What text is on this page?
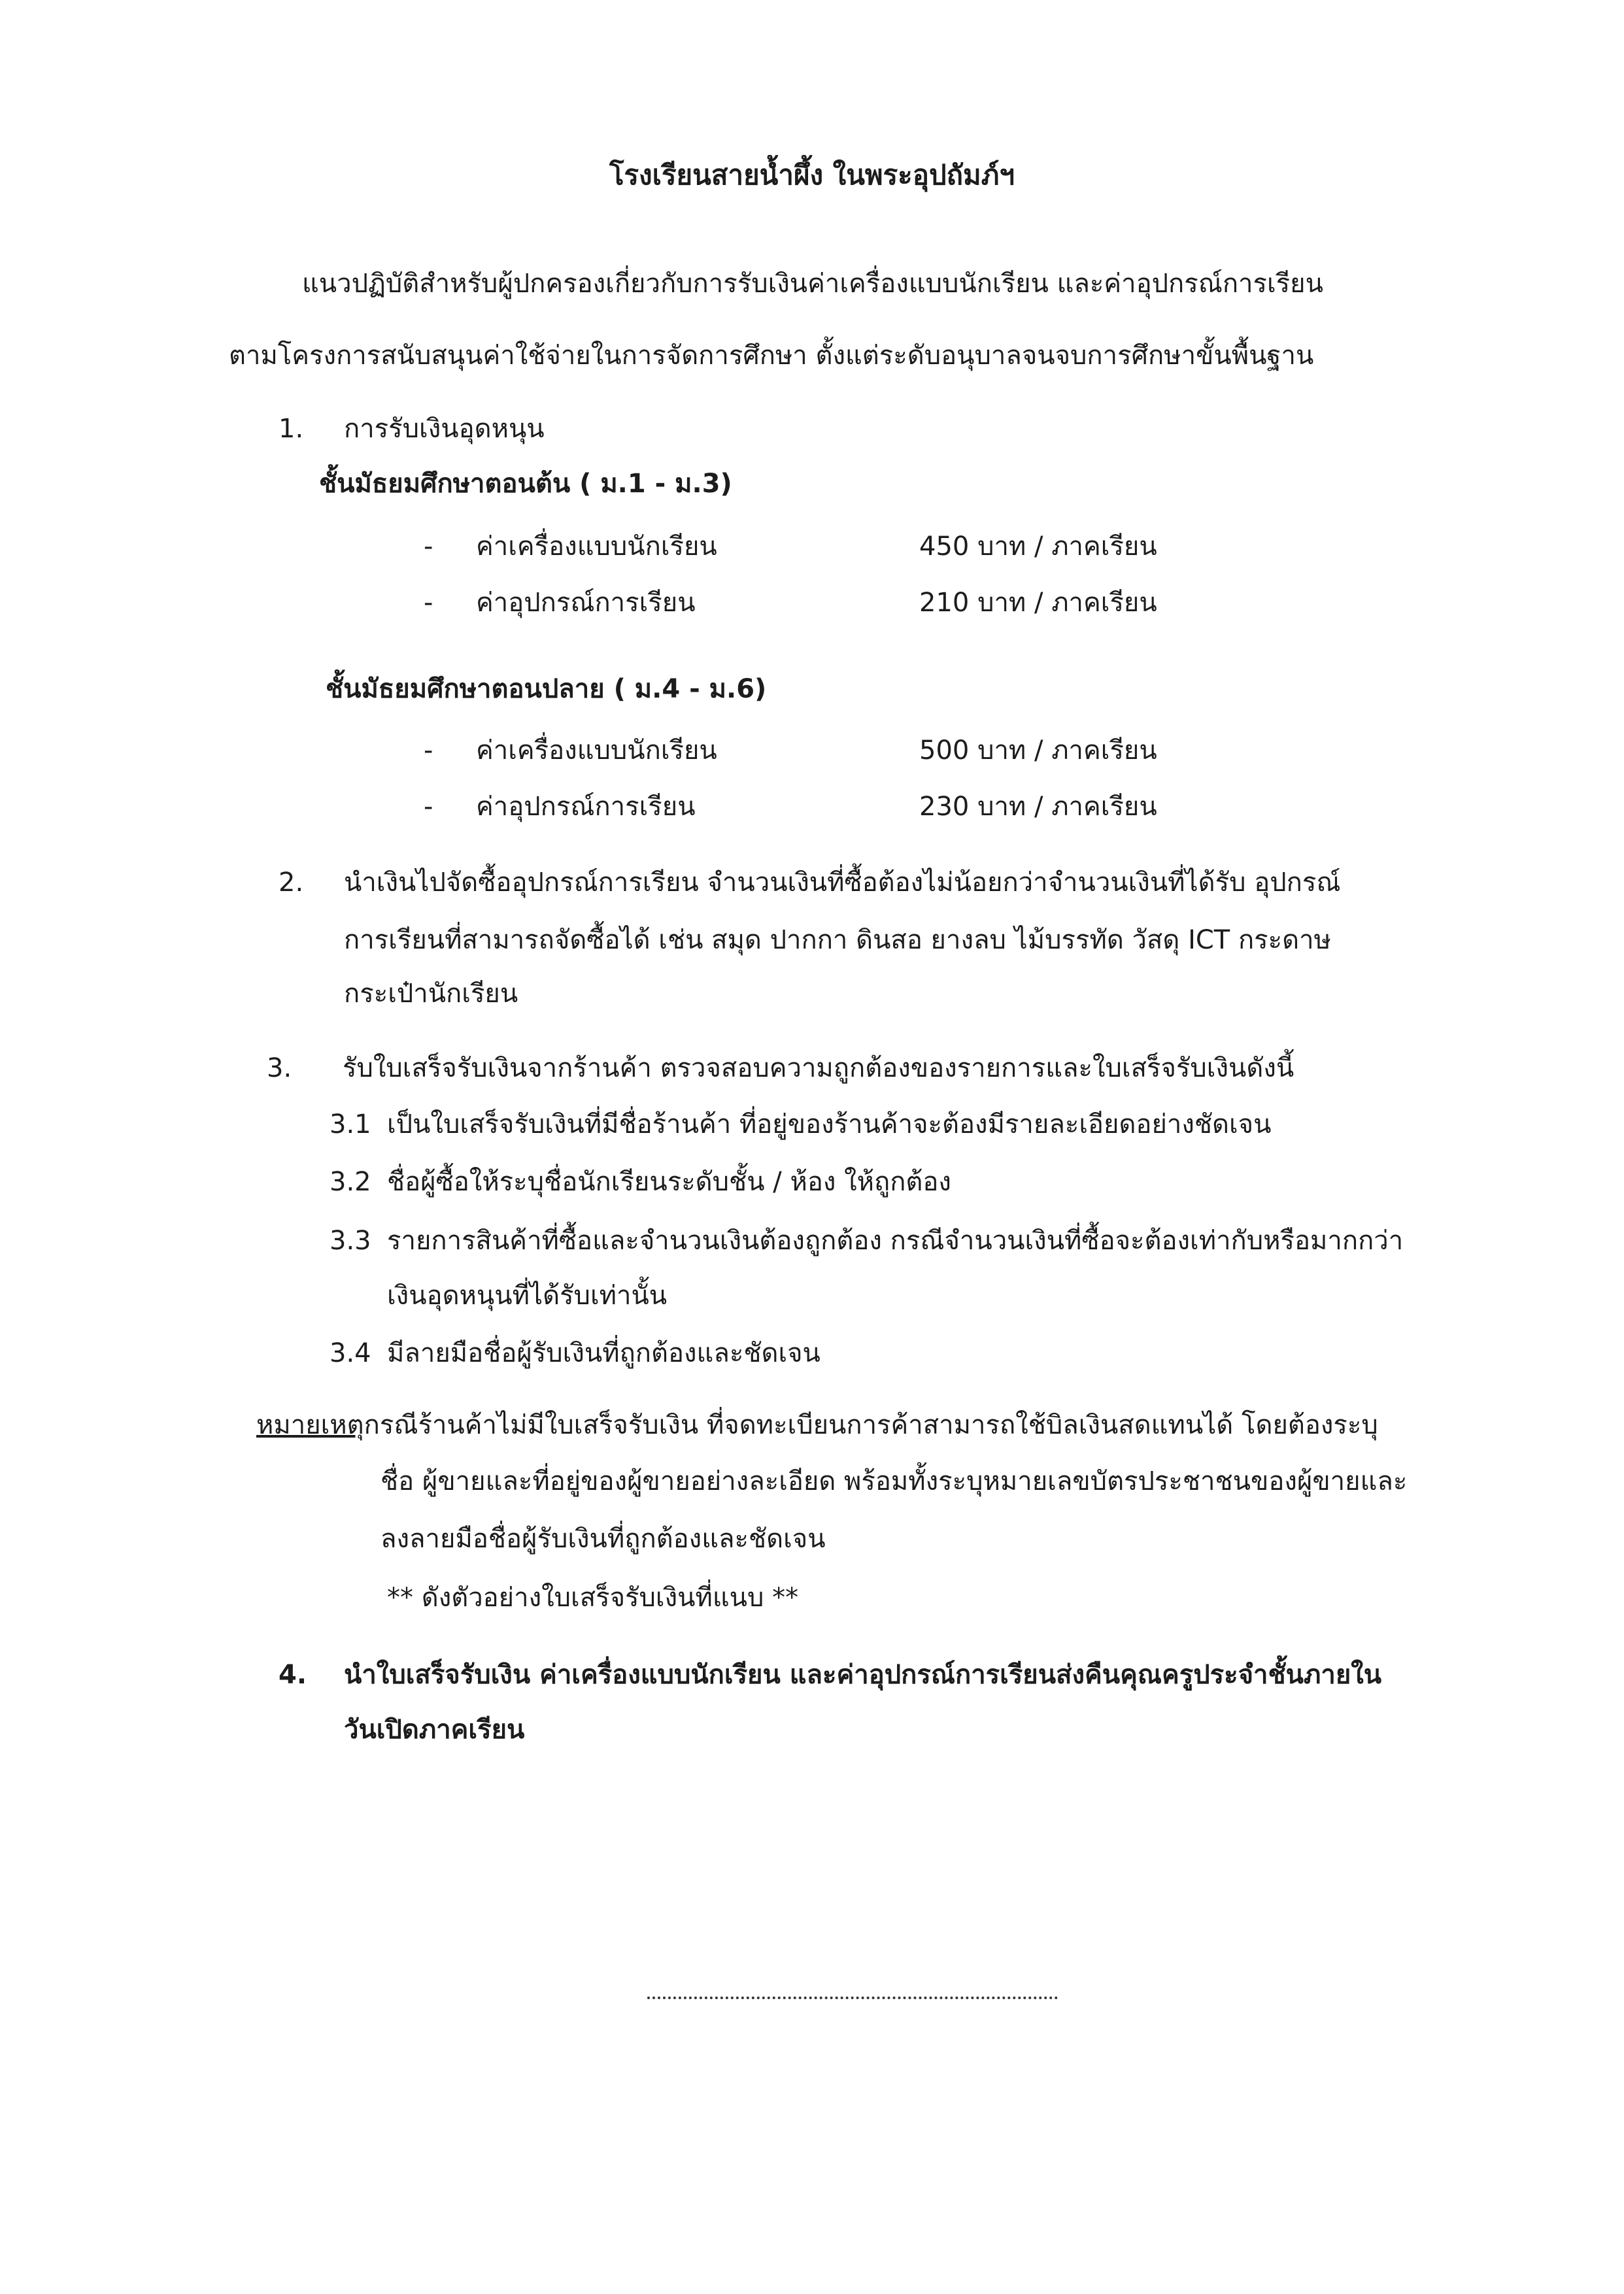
โรงเรียนสายน้ำผึ้ง ในพระอุปถัมภ์ฯ
แนวปฏิบัติสำหรับผู้ปกครองเกี่ยวกับการรับเงินค่าเครื่องแบบนักเรียน และค่าอุปกรณ์การเรียน
ตามโครงการสนับสนุนค่าใช้จ่ายในการจัดการศึกษา ตั้งแต่ระดับอนุบาลจนจบการศึกษาขั้นพื้นฐาน
1. การรับเงินอุดหนุน
ชั้นมัธยมศึกษาตอนต้น ( ม.1 - ม.3)
- ค่าเครื่องแบบนักเรียน	450 บาท / ภาคเรียน
- ค่าอุปกรณ์การเรียน	210 บาท / ภาคเรียน
ชั้นมัธยมศึกษาตอนปลาย ( ม.4 - ม.6)
- ค่าเครื่องแบบนักเรียน	500 บาท / ภาคเรียน
- ค่าอุปกรณ์การเรียน	230 บาท / ภาคเรียน
2. นำเงินไปจัดซื้ออุปกรณ์การเรียน จำนวนเงินที่ซื้อต้องไม่น้อยกว่าจำนวนเงินที่ได้รับ อุปกรณ์
การเรียนที่สามารถจัดซื้อได้ เช่น สมุด ปากกา ดินสอ ยางลบ ไม้บรรทัด วัสดุ ICT กระดาษ
กระเป๋านักเรียน
3. รับใบเสร็จรับเงินจากร้านค้า ตรวจสอบความถูกต้องของรายการและใบเสร็จรับเงินดังนี้
3.1 เป็นใบเสร็จรับเงินที่มีชื่อร้านค้า ที่อยู่ของร้านค้าจะต้องมีรายละเอียดอย่างชัดเจน
3.2 ชื่อผู้ซื้อให้ระบุชื่อนักเรียนระดับชั้น / ห้อง ให้ถูกต้อง
3.3 รายการสินค้าที่ซื้อและจำนวนเงินต้องถูกต้อง กรณีจำนวนเงินที่ซื้อจะต้องเท่ากับหรือมากกว่า
เงินอุดหนุนที่ได้รับเท่านั้น
3.4 มีลายมือชื่อผู้รับเงินที่ถูกต้องและชัดเจน
หมายเหตุกรณีร้านค้าไม่มีใบเสร็จรับเงิน ที่จดทะเบียนการค้าสามารถใช้บิลเงินสดแทนได้ โดยต้องระบุ
ชื่อ ผู้ขายและที่อยู่ของผู้ขายอย่างละเอียด พร้อมทั้งระบุหมายเลขบัตรประชาชนของผู้ขายและ
ลงลายมือชื่อผู้รับเงินที่ถูกต้องและชัดเจน
** ดังตัวอย่างใบเสร็จรับเงินที่แนบ **
4. นำใบเสร็จรับเงิน ค่าเครื่องแบบนักเรียน และค่าอุปกรณ์การเรียนส่งคืนคุณครูประจำชั้นภายใน
วันเปิดภาคเรียน
